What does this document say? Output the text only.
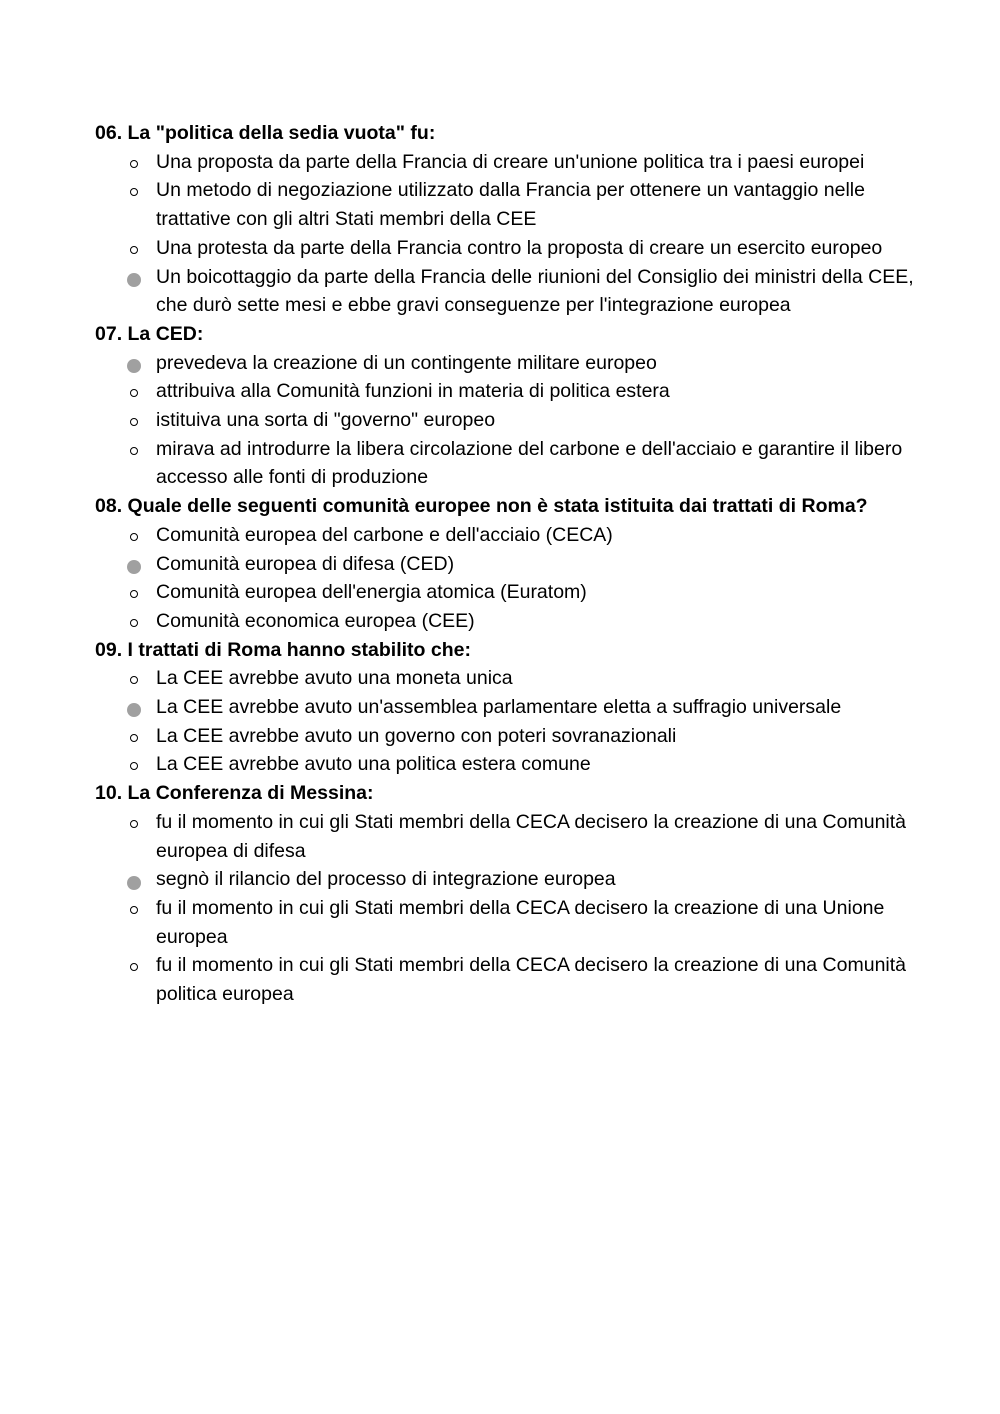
06. La "politica della sedia vuota" fu:

Una proposta da parte della Francia di creare un'unione politica tra i paesi europei
Un metodo di negoziazione utilizzato dalla Francia per ottenere un vantaggio nelle trattative con gli altri Stati membri della CEE
Una protesta da parte della Francia contro la proposta di creare un esercito europeo
Un boicottaggio da parte della Francia delle riunioni del Consiglio dei ministri della CEE, che durò sette mesi e ebbe gravi conseguenze per l'integrazione europea

07. La CED:

prevedeva la creazione di un contingente militare europeo
attribuiva alla Comunità funzioni in materia di politica estera
istituiva una sorta di "governo" europeo
mirava ad introdurre la libera circolazione del carbone e dell'acciaio e garantire il libero accesso alle fonti di produzione

08. Quale delle seguenti comunità europee non è stata istituita dai trattati di Roma?

Comunità europea del carbone e dell'acciaio (CECA)
Comunità europea di difesa (CED)
Comunità europea dell'energia atomica (Euratom)
Comunità economica europea (CEE)

09. I trattati di Roma hanno stabilito che:

La CEE avrebbe avuto una moneta unica
La CEE avrebbe avuto un'assemblea parlamentare eletta a suffragio universale
La CEE avrebbe avuto un governo con poteri sovranazionali
La CEE avrebbe avuto una politica estera comune

10. La Conferenza di Messina:

fu il momento in cui gli Stati membri della CECA decisero la creazione di una Comunità europea di difesa
segnò il rilancio del processo di integrazione europea
fu il momento in cui gli Stati membri della CECA decisero la creazione di una Unione europea
fu il momento in cui gli Stati membri della CECA decisero la creazione di una Comunità politica europea
